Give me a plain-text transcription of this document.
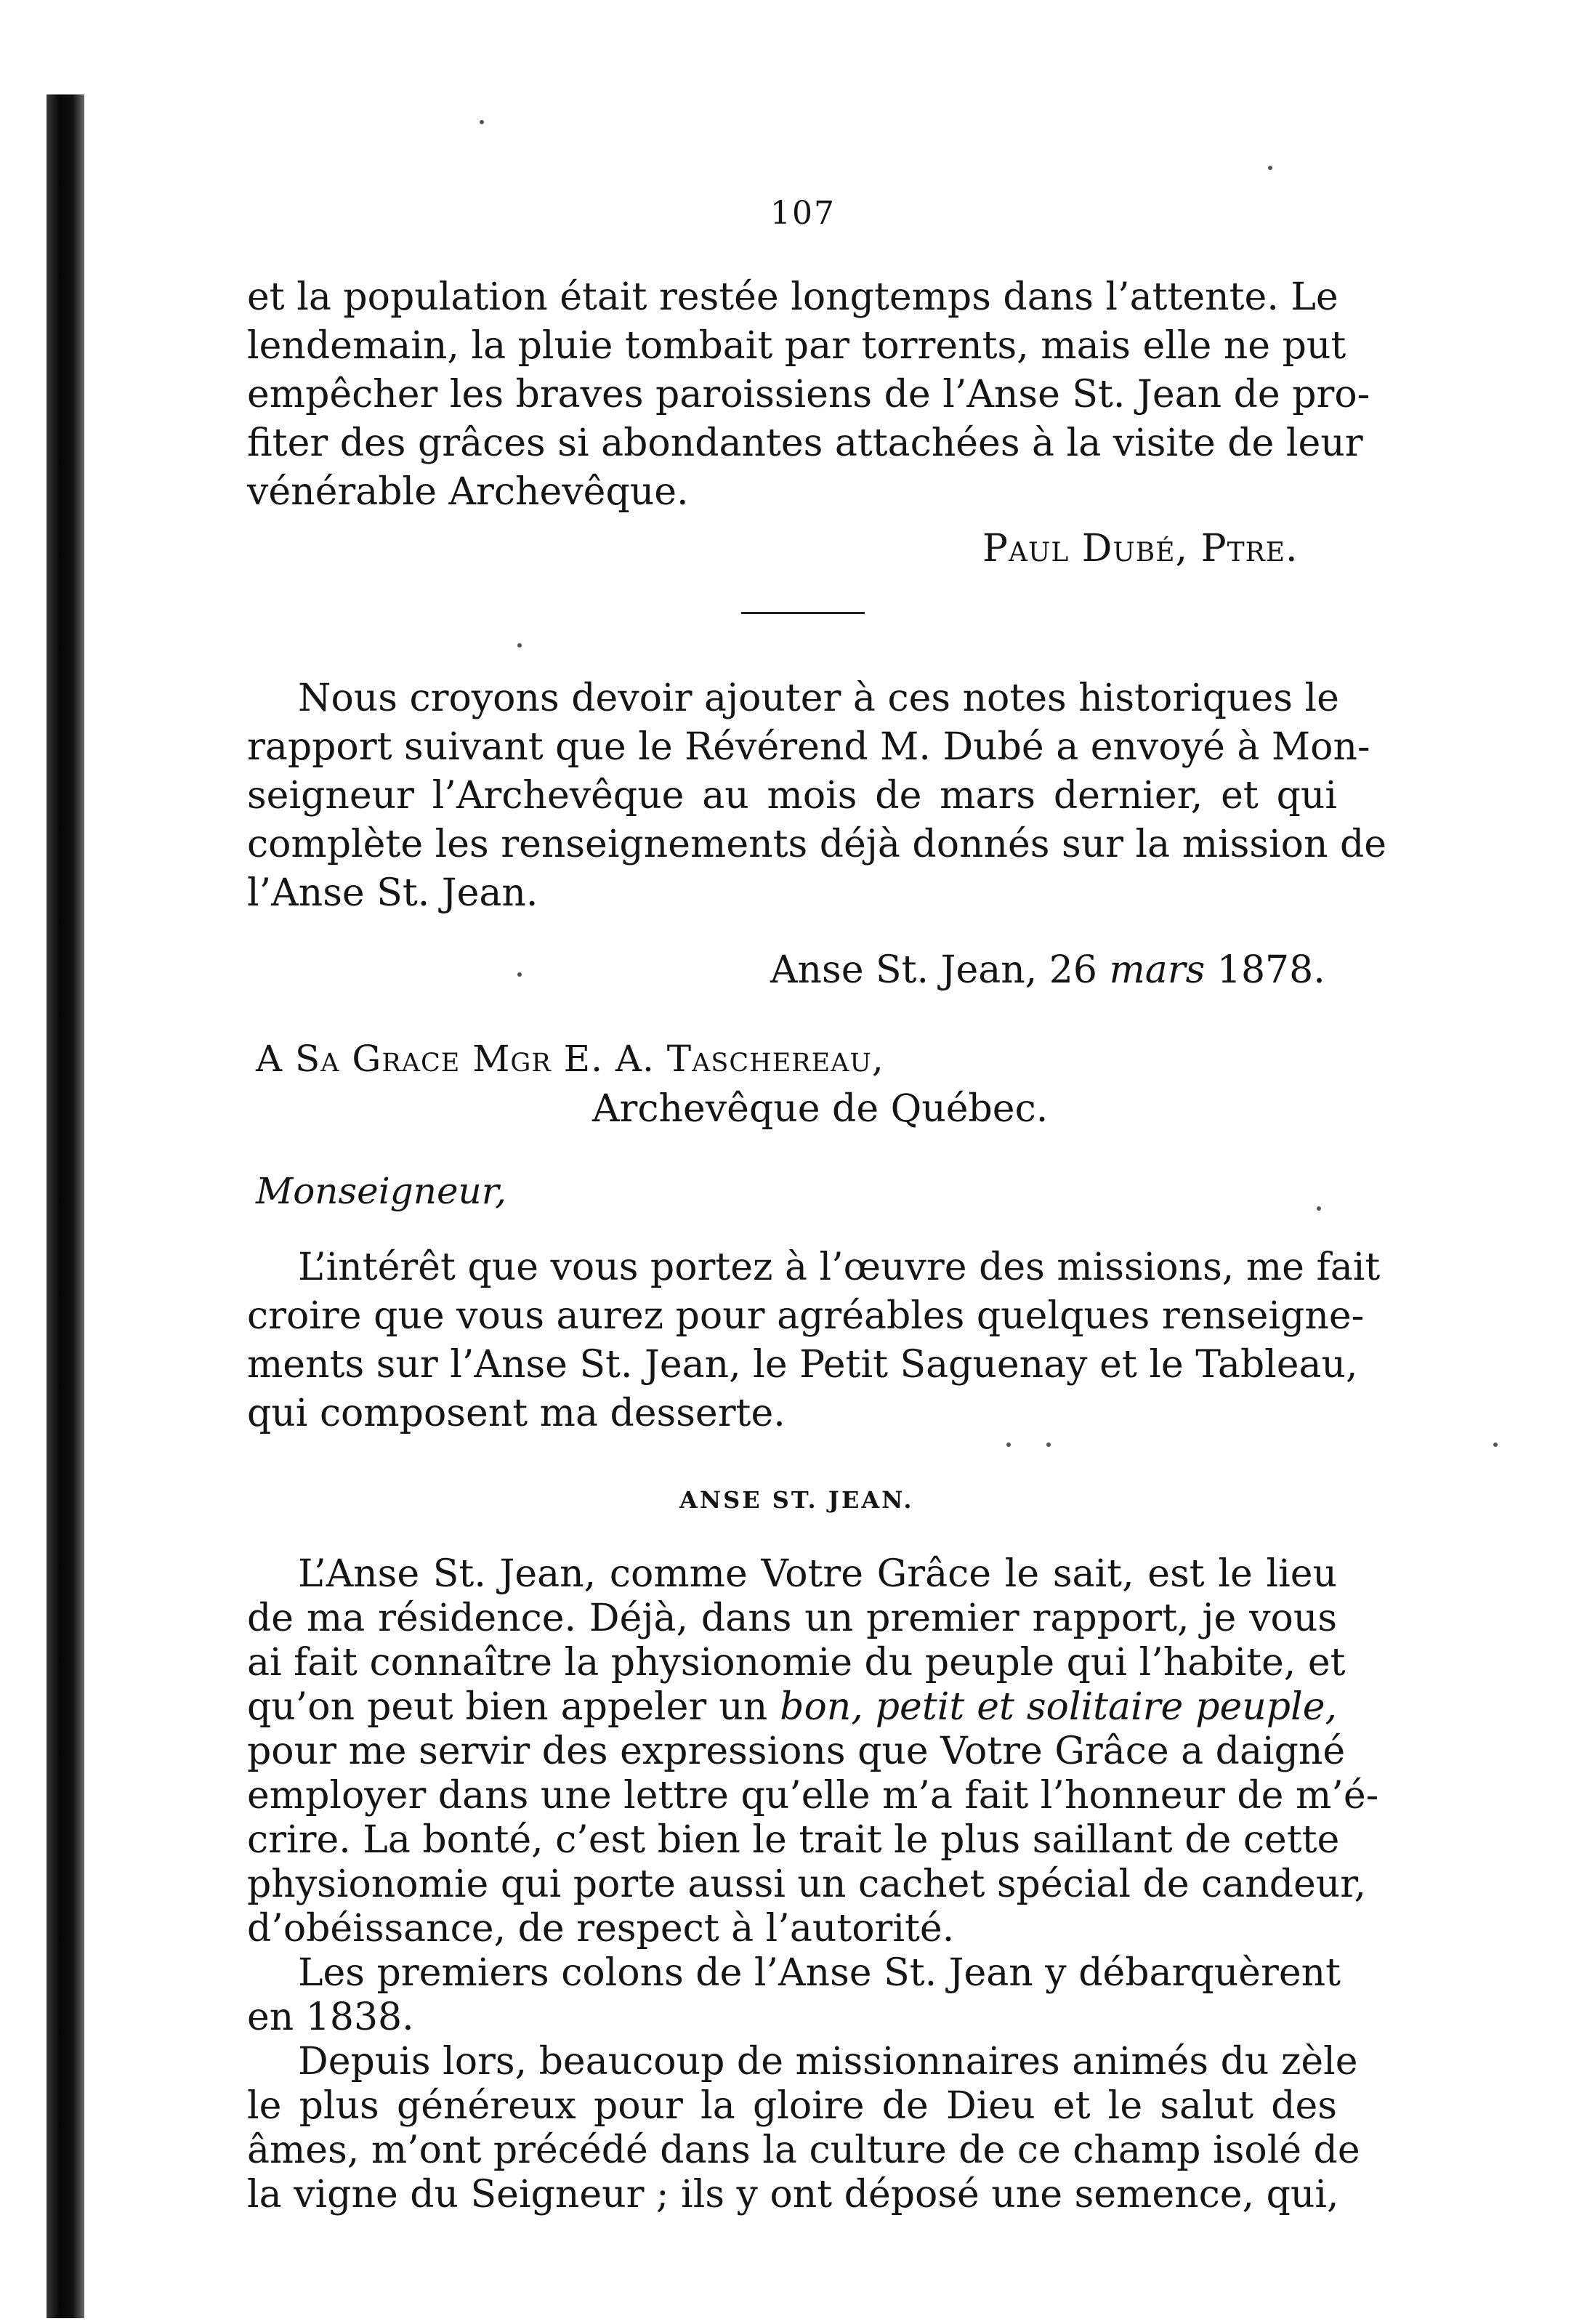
107
et la population était restée longtemps dans l’attente. Le
lendemain, la pluie tombait par torrents, mais elle ne put
empêcher les braves paroissiens de l’Anse St. Jean de pro-
fiter des grâces si abondantes attachées à la visite de leur
vénérable Archevêque.
Paul Dubé, Ptre.
Nous croyons devoir ajouter à ces notes historiques le
rapport suivant que le Révérend M. Dubé a envoyé à Mon-
seigneur l’Archevêque au mois de mars dernier, et qui
complète les renseignements déjà donnés sur la mission de
l’Anse St. Jean.
Anse St. Jean, 26 mars 1878.
A Sa Grace Mgr E. A. Taschereau,
Archevêque de Québec.
Monseigneur,
L’intérêt que vous portez à l’œuvre des missions, me fait
croire que vous aurez pour agréables quelques renseigne-
ments sur l’Anse St. Jean, le Petit Saguenay et le Tableau,
qui composent ma desserte.
ANSE ST. JEAN.
L’Anse St. Jean, comme Votre Grâce le sait, est le lieu
de ma résidence. Déjà, dans un premier rapport, je vous
ai fait connaître la physionomie du peuple qui l’habite, et
qu’on peut bien appeler un bon, petit et solitaire peuple,
pour me servir des expressions que Votre Grâce a daigné
employer dans une lettre qu’elle m’a fait l’honneur de m’é-
crire. La bonté, c’est bien le trait le plus saillant de cette
physionomie qui porte aussi un cachet spécial de candeur,
d’obéissance, de respect à l’autorité.
Les premiers colons de l’Anse St. Jean y débarquèrent
en 1838.
Depuis lors, beaucoup de missionnaires animés du zèle
le plus généreux pour la gloire de Dieu et le salut des
âmes, m’ont précédé dans la culture de ce champ isolé de
la vigne du Seigneur ; ils y ont déposé une semence, qui,
